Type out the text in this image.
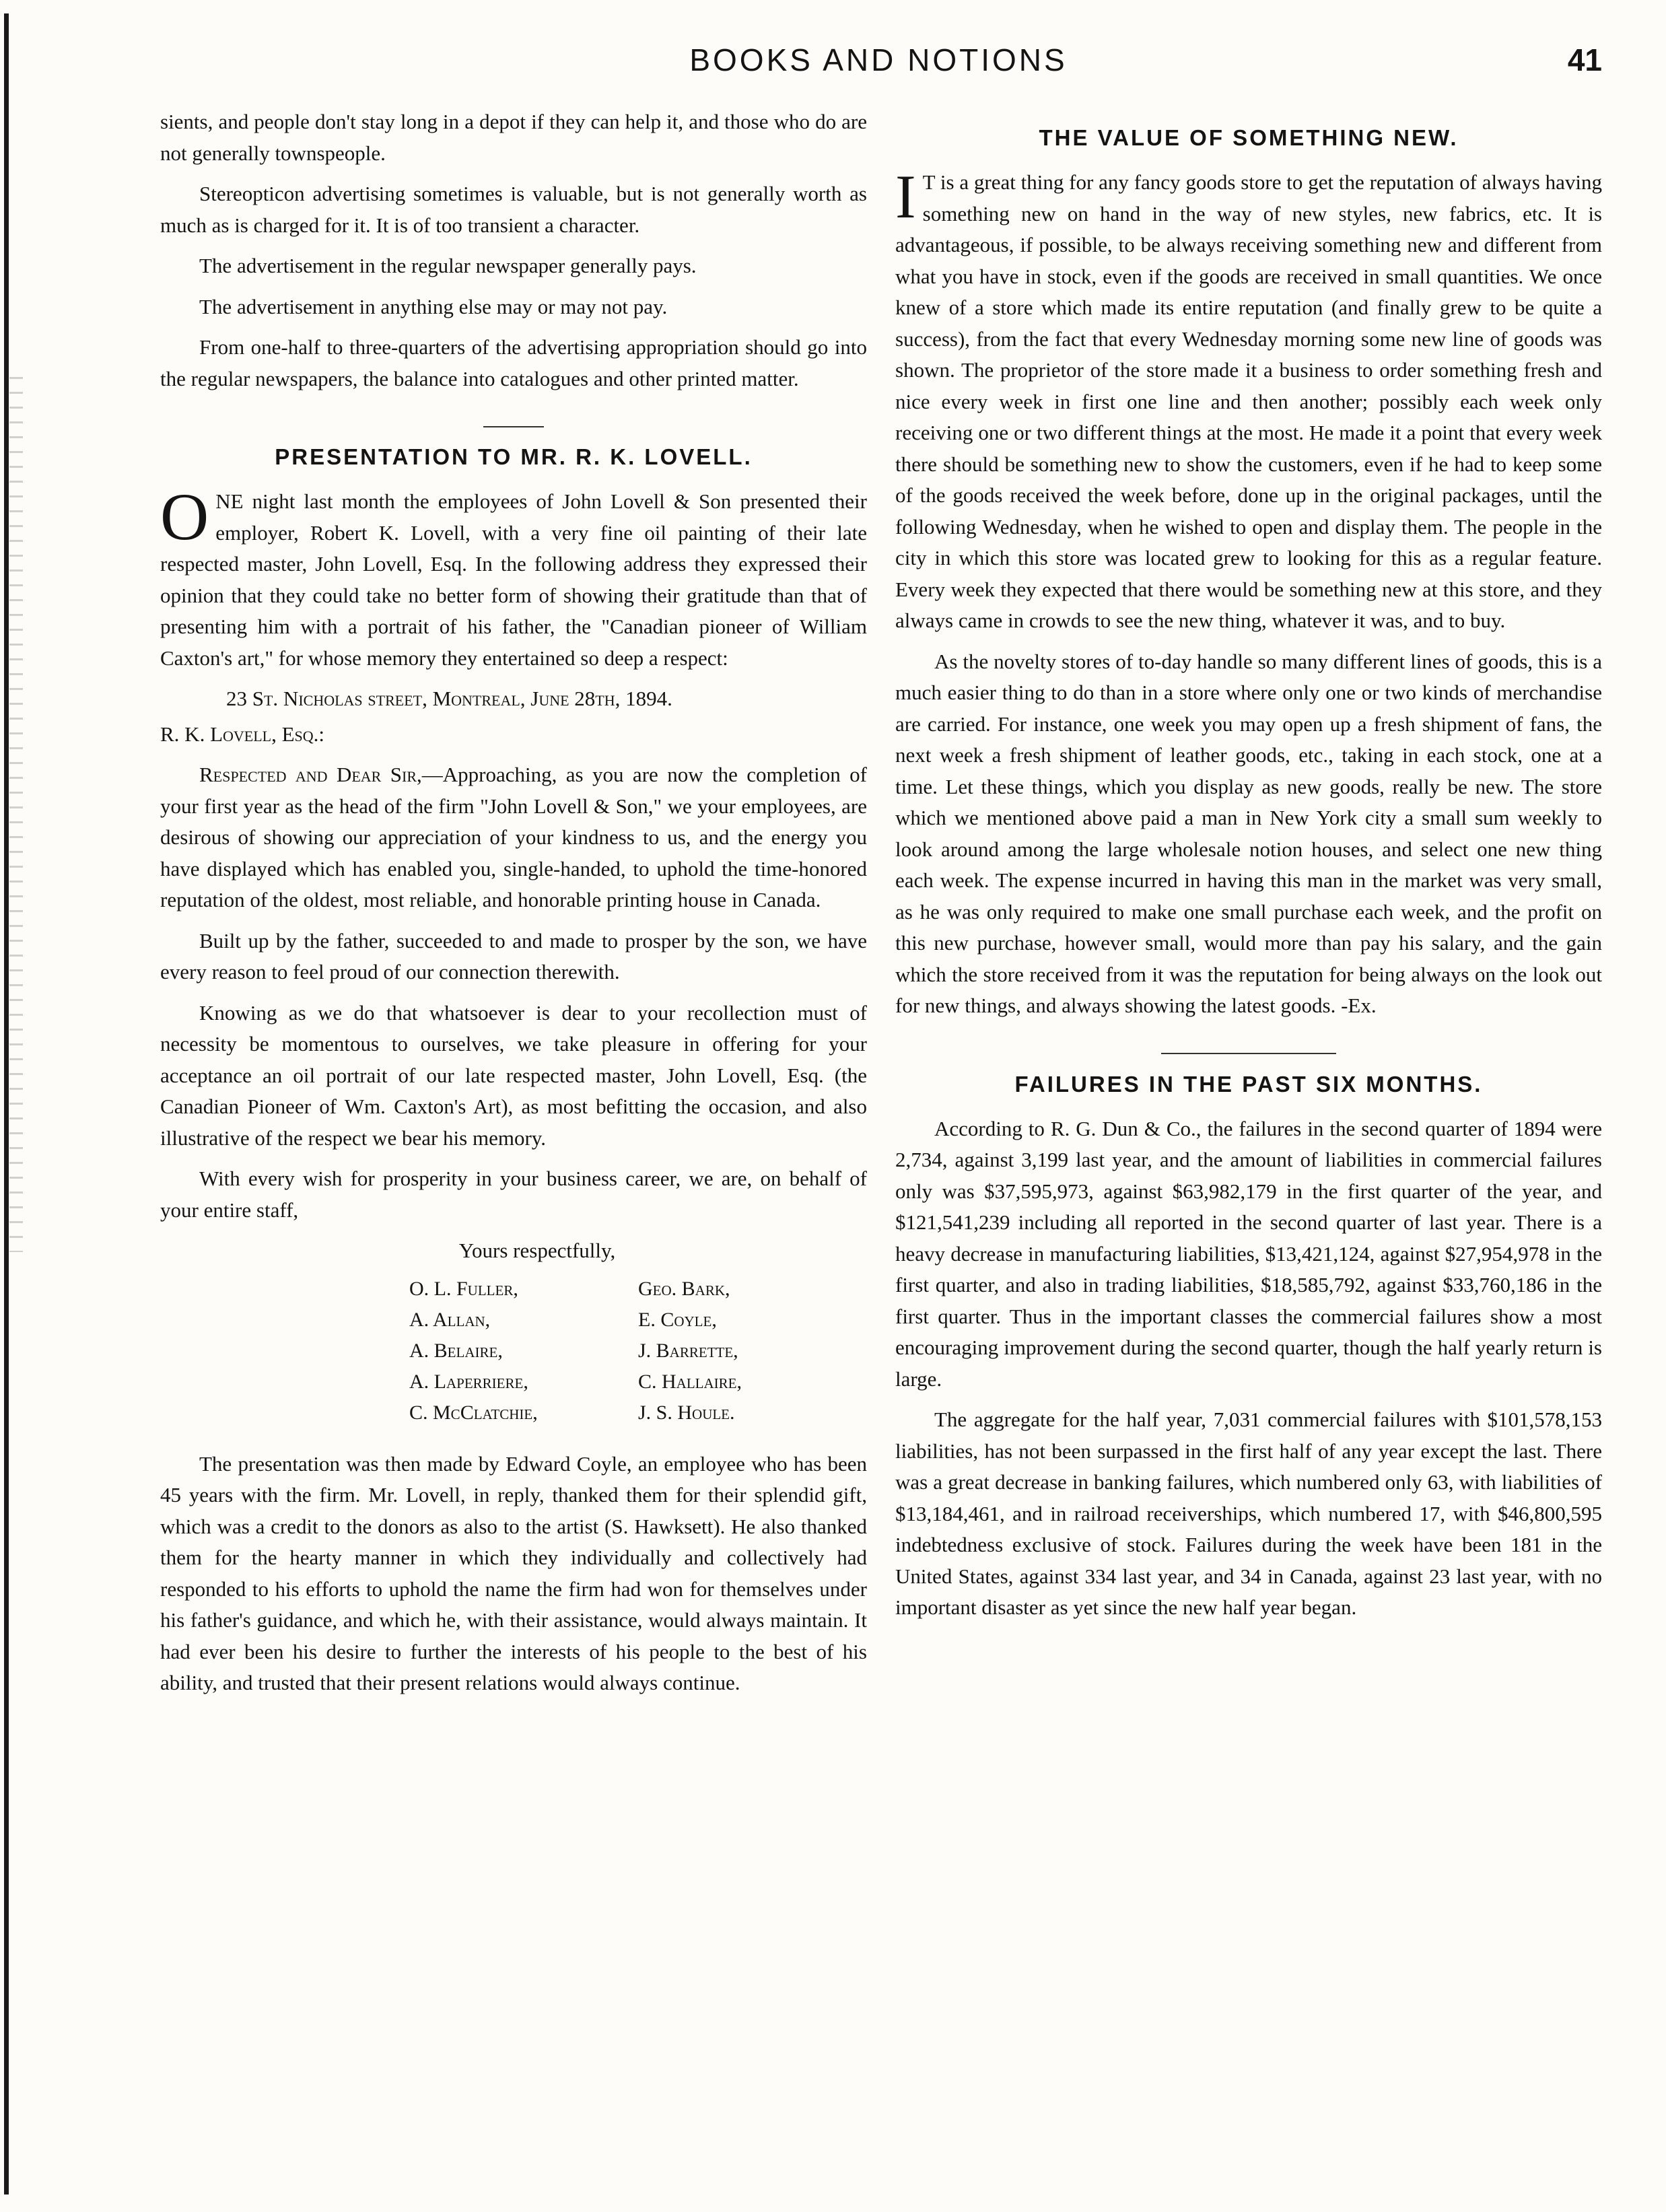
BOOKS AND NOTIONS	41

sients, and people don't stay long in a depot if they can help it, and those who do are not generally townspeople.

Stereopticon advertising sometimes is valuable, but is not generally worth as much as is charged for it. It is of too transient a character.

The advertisement in the regular newspaper generally pays.

The advertisement in anything else may or may not pay.

From one-half to three-quarters of the advertising appropriation should go into the regular newspapers, the balance into catalogues and other printed matter.

PRESENTATION TO MR. R. K. LOVELL.

O NE night last month the employees of John Lovell & Son presented their employer, Robert K. Lovell, with a very fine oil painting of their late respected master, John Lovell, Esq. In the following address they expressed their opinion that they could take no better form of showing their gratitude than that of presenting him with a portrait of his father, the "Canadian pioneer of William Caxton's art," for whose memory they entertained so deep a respect:

23 St. Nicholas street, Montreal, June 28th, 1894.

R. K. Lovell, Esq.:

Respected and Dear Sir,—Approaching, as you are now the completion of your first year as the head of the firm "John Lovell & Son," we your employees, are desirous of showing our appreciation of your kindness to us, and the energy you have displayed which has enabled you, single-handed, to uphold the time-honored reputation of the oldest, most reliable, and honorable printing house in Canada.

Built up by the father, succeeded to and made to prosper by the son, we have every reason to feel proud of our connection therewith.

Knowing as we do that whatsoever is dear to your recollection must of necessity be momentous to ourselves, we take pleasure in offering for your acceptance an oil portrait of our late respected master, John Lovell, Esq. (the Canadian Pioneer of Wm. Caxton's Art), as most befitting the occasion, and also illustrative of the respect we bear his memory.

With every wish for prosperity in your business career, we are, on behalf of your entire staff,

Yours respectfully,

O. L. Fuller,	Geo. Bark,
A. Allan,	E. Coyle,
A. Belaire,	J. Barrette,
A. Laperriere,	C. Hallaire,
C. McClatchie,	J. S. Houle.

The presentation was then made by Edward Coyle, an employee who has been 45 years with the firm. Mr. Lovell, in reply, thanked them for their splendid gift, which was a credit to the donors as also to the artist (S. Hawksett). He also thanked them for the hearty manner in which they individually and collectively had responded to his efforts to uphold the name the firm had won for themselves under his father's guidance, and which he, with their assistance, would always maintain. It had ever been his desire to further the interests of his people to the best of his ability, and trusted that their present relations would always continue.

THE VALUE OF SOMETHING NEW.

I T is a great thing for any fancy goods store to get the reputation of always having something new on hand in the way of new styles, new fabrics, etc. It is advantageous, if possible, to be always receiving something new and different from what you have in stock, even if the goods are received in small quantities. We once knew of a store which made its entire reputation (and finally grew to be quite a success), from the fact that every Wednesday morning some new line of goods was shown. The proprietor of the store made it a business to order something fresh and nice every week in first one line and then another; possibly each week only receiving one or two different things at the most. He made it a point that every week there should be something new to show the customers, even if he had to keep some of the goods received the week before, done up in the original packages, until the following Wednesday, when he wished to open and display them. The people in the city in which this store was located grew to looking for this as a regular feature. Every week they expected that there would be something new at this store, and they always came in crowds to see the new thing, whatever it was, and to buy.

As the novelty stores of to-day handle so many different lines of goods, this is a much easier thing to do than in a store where only one or two kinds of merchandise are carried. For instance, one week you may open up a fresh shipment of fans, the next week a fresh shipment of leather goods, etc., taking in each stock, one at a time. Let these things, which you display as new goods, really be new. The store which we mentioned above paid a man in New York city a small sum weekly to look around among the large wholesale notion houses, and select one new thing each week. The expense incurred in having this man in the market was very small, as he was only required to make one small purchase each week, and the profit on this new purchase, however small, would more than pay his salary, and the gain which the store received from it was the reputation for being always on the look out for new things, and always showing the latest goods. -Ex.

FAILURES IN THE PAST SIX MONTHS.

According to R. G. Dun & Co., the failures in the second quarter of 1894 were 2,734, against 3,199 last year, and the amount of liabilities in commercial failures only was $37,595,973, against $63,982,179 in the first quarter of the year, and $121,541,239 including all reported in the second quarter of last year. There is a heavy decrease in manufacturing liabilities, $13,421,124, against $27,954,978 in the first quarter, and also in trading liabilities, $18,585,792, against $33,760,186 in the first quarter. Thus in the important classes the commercial failures show a most encouraging improvement during the second quarter, though the half yearly return is large.

The aggregate for the half year, 7,031 commercial failures with $101,578,153 liabilities, has not been surpassed in the first half of any year except the last. There was a great decrease in banking failures, which numbered only 63, with liabilities of $13,184,461, and in railroad receiverships, which numbered 17, with $46,800,595 indebtedness exclusive of stock. Failures during the week have been 181 in the United States, against 334 last year, and 34 in Canada, against 23 last year, with no important disaster as yet since the new half year began.
